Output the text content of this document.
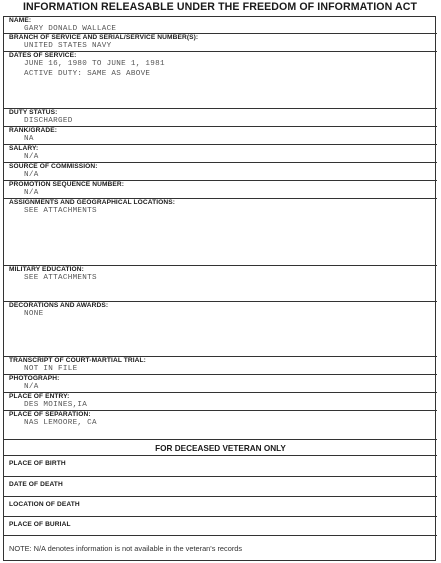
INFORMATION RELEASABLE UNDER THE FREEDOM OF INFORMATION ACT
NAME:
GARY DONALD WALLACE
BRANCH OF SERVICE AND SERIAL/SERVICE NUMBER(S):
UNITED STATES NAVY
DATES OF SERVICE:
JUNE 16, 1980 TO JUNE 1, 1981
ACTIVE DUTY: SAME AS ABOVE
DUTY STATUS:
DISCHARGED
RANK/GRADE:
NA
SALARY:
N/A
SOURCE OF COMMISSION:
N/A
PROMOTION SEQUENCE NUMBER:
N/A
ASSIGNMENTS AND GEOGRAPHICAL LOCATIONS:
SEE ATTACHMENTS
MILITARY EDUCATION:
SEE ATTACHMENTS
DECORATIONS AND AWARDS:
NONE
TRANSCRIPT OF COURT-MARTIAL TRIAL:
NOT IN FILE
PHOTOGRAPH:
N/A
PLACE OF ENTRY:
DES MOINES,IA
PLACE OF SEPARATION:
NAS LEMOORE, CA
FOR DECEASED VETERAN ONLY
PLACE OF BIRTH
DATE OF DEATH
LOCATION OF DEATH
PLACE OF BURIAL
NOTE: N/A denotes information is not available in the veteran's records
